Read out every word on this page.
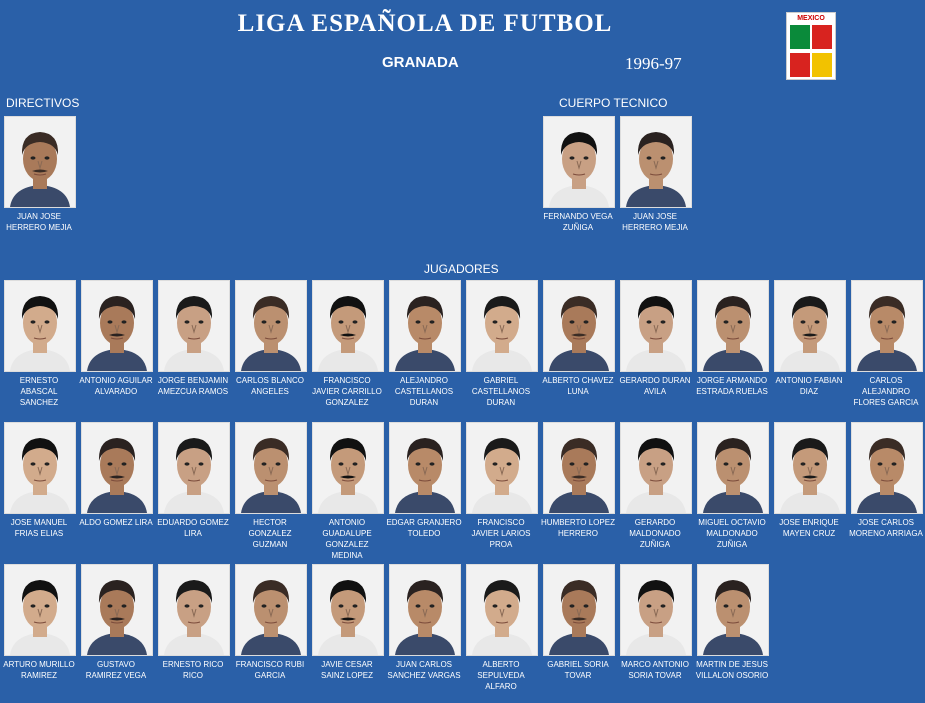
LIGA ESPAÑOLA DE FUTBOL
GRANADA	1996-97
MEXICO
DIRECTIVOS	CUERPO TECNICO
JUGADORES
JUAN JOSE HERRERO MEJIA
FERNANDO VEGA ZUÑIGA
JUAN JOSE HERRERO MEJIA
ERNESTO ABASCAL SANCHEZ
ANTONIO AGUILAR ALVARADO
JORGE BENJAMIN AMEZCUA RAMOS
CARLOS BLANCO ANGELES
FRANCISCO JAVIER CARRILLO GONZALEZ
ALEJANDRO CASTELLANOS DURAN
GABRIEL CASTELLANOS DURAN
ALBERTO CHAVEZ LUNA
GERARDO DURAN AVILA
JORGE ARMANDO ESTRADA RUELAS
ANTONIO FABIAN DIAZ
CARLOS ALEJANDRO FLORES GARCIA
JOSE MANUEL FRIAS ELIAS
ALDO GOMEZ LIRA EDUARDO GOMEZ LIRA
HECTOR GONZALEZ GUZMAN
ANTONIO GUADALUPE GONZALEZ MEDINA
EDGAR GRANJERO TOLEDO
FRANCISCO JAVIER LARIOS PROA
HUMBERTO LOPEZ HERRERO
GERARDO MALDONADO ZUÑIGA
MIGUEL OCTAVIO MALDONADO ZUÑIGA
JOSE ENRIQUE MAYEN CRUZ
JOSE CARLOS MORENO ARRIAGA
ARTURO MURILLO RAMIREZ
GUSTAVO RAMIREZ VEGA
ERNESTO RICO RICO
FRANCISCO RUBI GARCIA
JAVIE CESAR SAINZ LOPEZ
JUAN CARLOS SANCHEZ VARGAS
ALBERTO SEPULVEDA ALFARO
GABRIEL SORIA TOVAR
MARCO ANTONIO SORIA TOVAR
MARTIN DE JESUS VILLALON OSORIO
